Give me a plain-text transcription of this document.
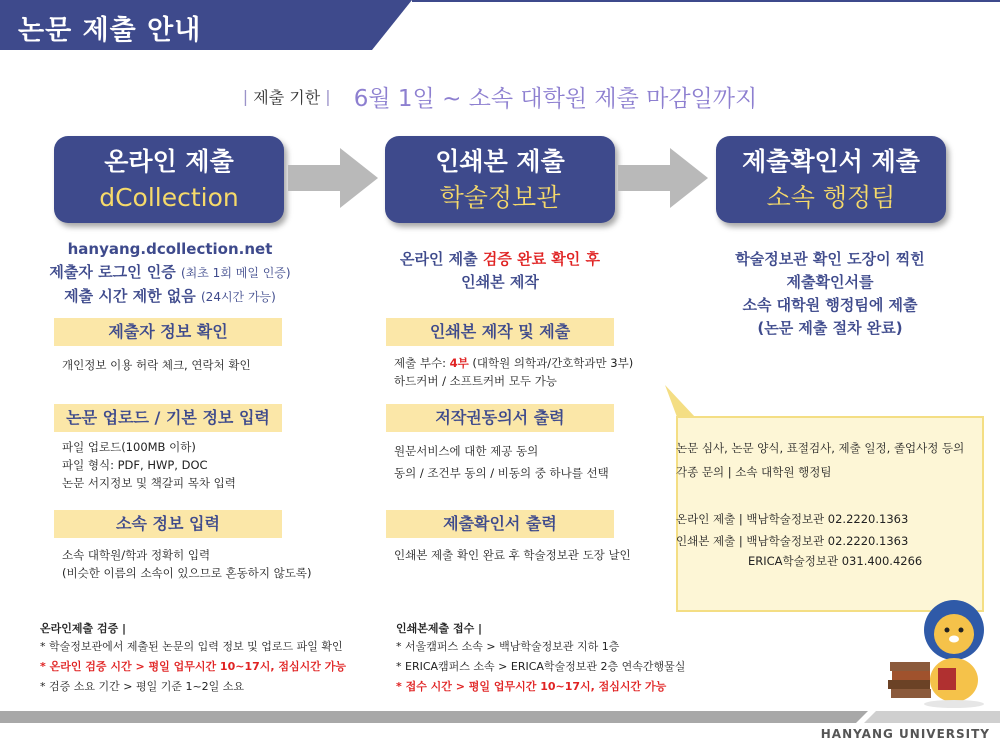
논문 제출 안내
| 제출 기한 | 6월 1일 ~ 소속 대학원 제출 마감일까지
온라인 제출
dCollection
인쇄본 제출
학술정보관
제출확인서 제출
소속 행정팀
hanyang.dcollection.net
제출자 로그인 인증 (최초 1회 메일 인증)
제출 시간 제한 없음 (24시간 가능)
온라인 제출 검증 완료 확인 후
인쇄본 제작
학술정보관 확인 도장이 찍힌
제출확인서를
소속 대학원 행정팀에 제출
(논문 제출 절차 완료)
제출자 정보 확인
개인정보 이용 허락 체크, 연락처 확인
논문 업로드 / 기본 정보 입력
파일 업로드(100MB 이하)
파일 형식: PDF, HWP, DOC
논문 서지정보 및 책갈피 목차 입력
소속 정보 입력
소속 대학원/학과 정확히 입력
(비슷한 이름의 소속이 있으므로 혼동하지 않도록)
인쇄본 제작 및 제출
제출 부수: 4부 (대학원 의학과/간호학과만 3부)
하드커버 / 소프트커버 모두 가능
저작권동의서 출력
원문서비스에 대한 제공 동의
동의 / 조건부 동의 / 비동의 중 하나를 선택
제출확인서 출력
인쇄본 제출 확인 완료 후 학술정보관 도장 날인
논문 심사, 논문 양식, 표절검사, 제출 일정, 졸업사정 등의
각종 문의 | 소속 대학원 행정팀
온라인 제출 | 백남학술정보관 02.2220.1363
인쇄본 제출 | 백남학술정보관 02.2220.1363
ERICA학술정보관 031.400.4266
온라인제출 검증 |
* 학술정보관에서 제출된 논문의 입력 정보 및 업로드 파일 확인
* 온라인 검증 시간 > 평일 업무시간 10~17시, 점심시간 가능
* 검증 소요 기간 > 평일 기준 1~2일 소요
인쇄본제출 접수 |
* 서울캠퍼스 소속 > 백남학술정보관 지하 1층
* ERICA캠퍼스 소속 > ERICA학술정보관 2층 연속간행물실
* 접수 시간 > 평일 업무시간 10~17시, 점심시간 가능
HANYANG UNIVERSITY
